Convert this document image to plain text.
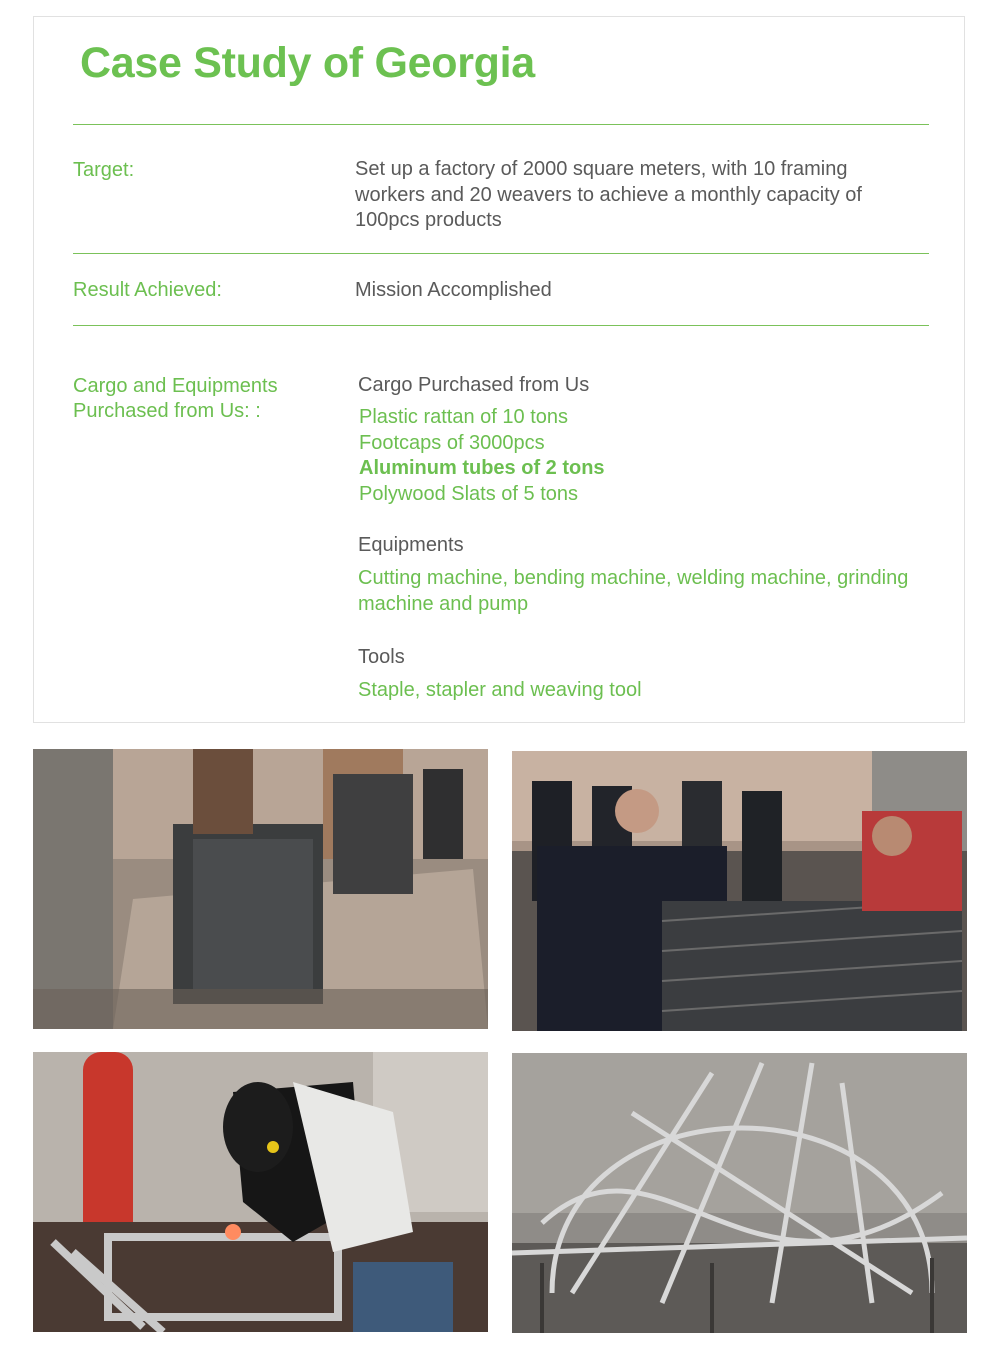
Case Study of Georgia
Target:	Set up a factory of 2000 square meters, with 10 framing workers and 20 weavers to achieve a monthly capacity of 100pcs products
Result Achieved:	Mission Accomplished
Cargo and Equipments Purchased from Us: :
Cargo Purchased from Us
Plastic rattan of 10 tons
Footcaps of 3000pcs
Aluminum tubes of 2 tons
Polywood Slats of 5 tons
Equipments
Cutting machine, bending machine, welding machine, grinding machine and pump
Tools
Staple, stapler and weaving tool
